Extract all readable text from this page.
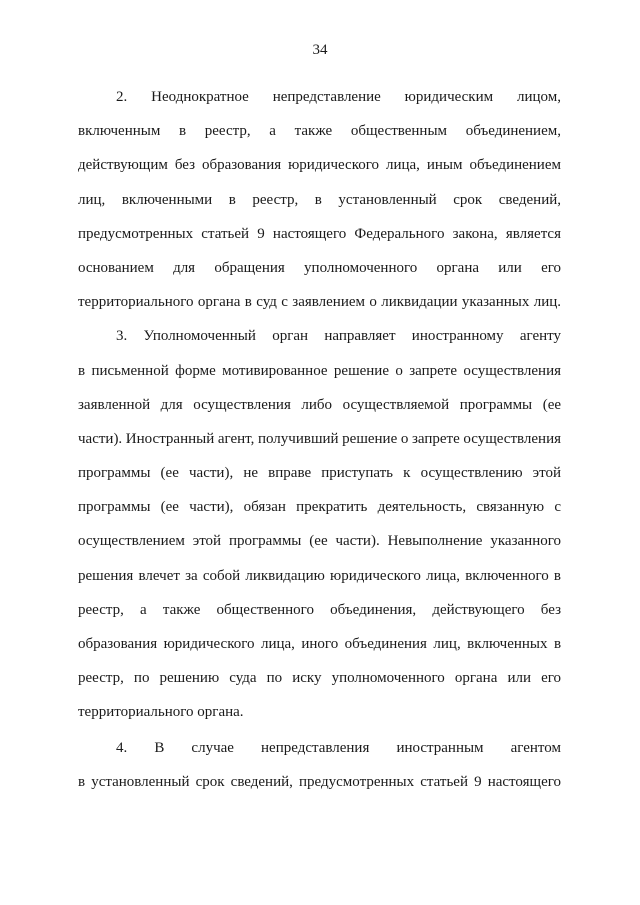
34
2. Неоднократное непредставление юридическим лицом,
включенным в реестр, а также общественным объединением,
действующим без образования юридического лица, иным объединением
лиц, включенными в реестр, в установленный срок сведений,
предусмотренных статьей 9 настоящего Федерального закона, является
основанием для обращения уполномоченного органа или его
территориального органа в суд с заявлением о ликвидации указанных лиц.
3. Уполномоченный орган направляет иностранному агенту
в письменной форме мотивированное решение о запрете осуществления
заявленной для осуществления либо осуществляемой программы (ее
части). Иностранный агент, получивший решение о запрете осуществления
программы (ее части), не вправе приступать к осуществлению этой
программы (ее части), обязан прекратить деятельность, связанную с
осуществлением этой программы (ее части). Невыполнение указанного
решения влечет за собой ликвидацию юридического лица, включенного в
реестр, а также общественного объединения, действующего без
образования юридического лица, иного объединения лиц, включенных в
реестр, по решению суда по иску уполномоченного органа или его
территориального органа.
4. В случае непредставления иностранным агентом
в установленный срок сведений, предусмотренных статьей 9 настоящего
